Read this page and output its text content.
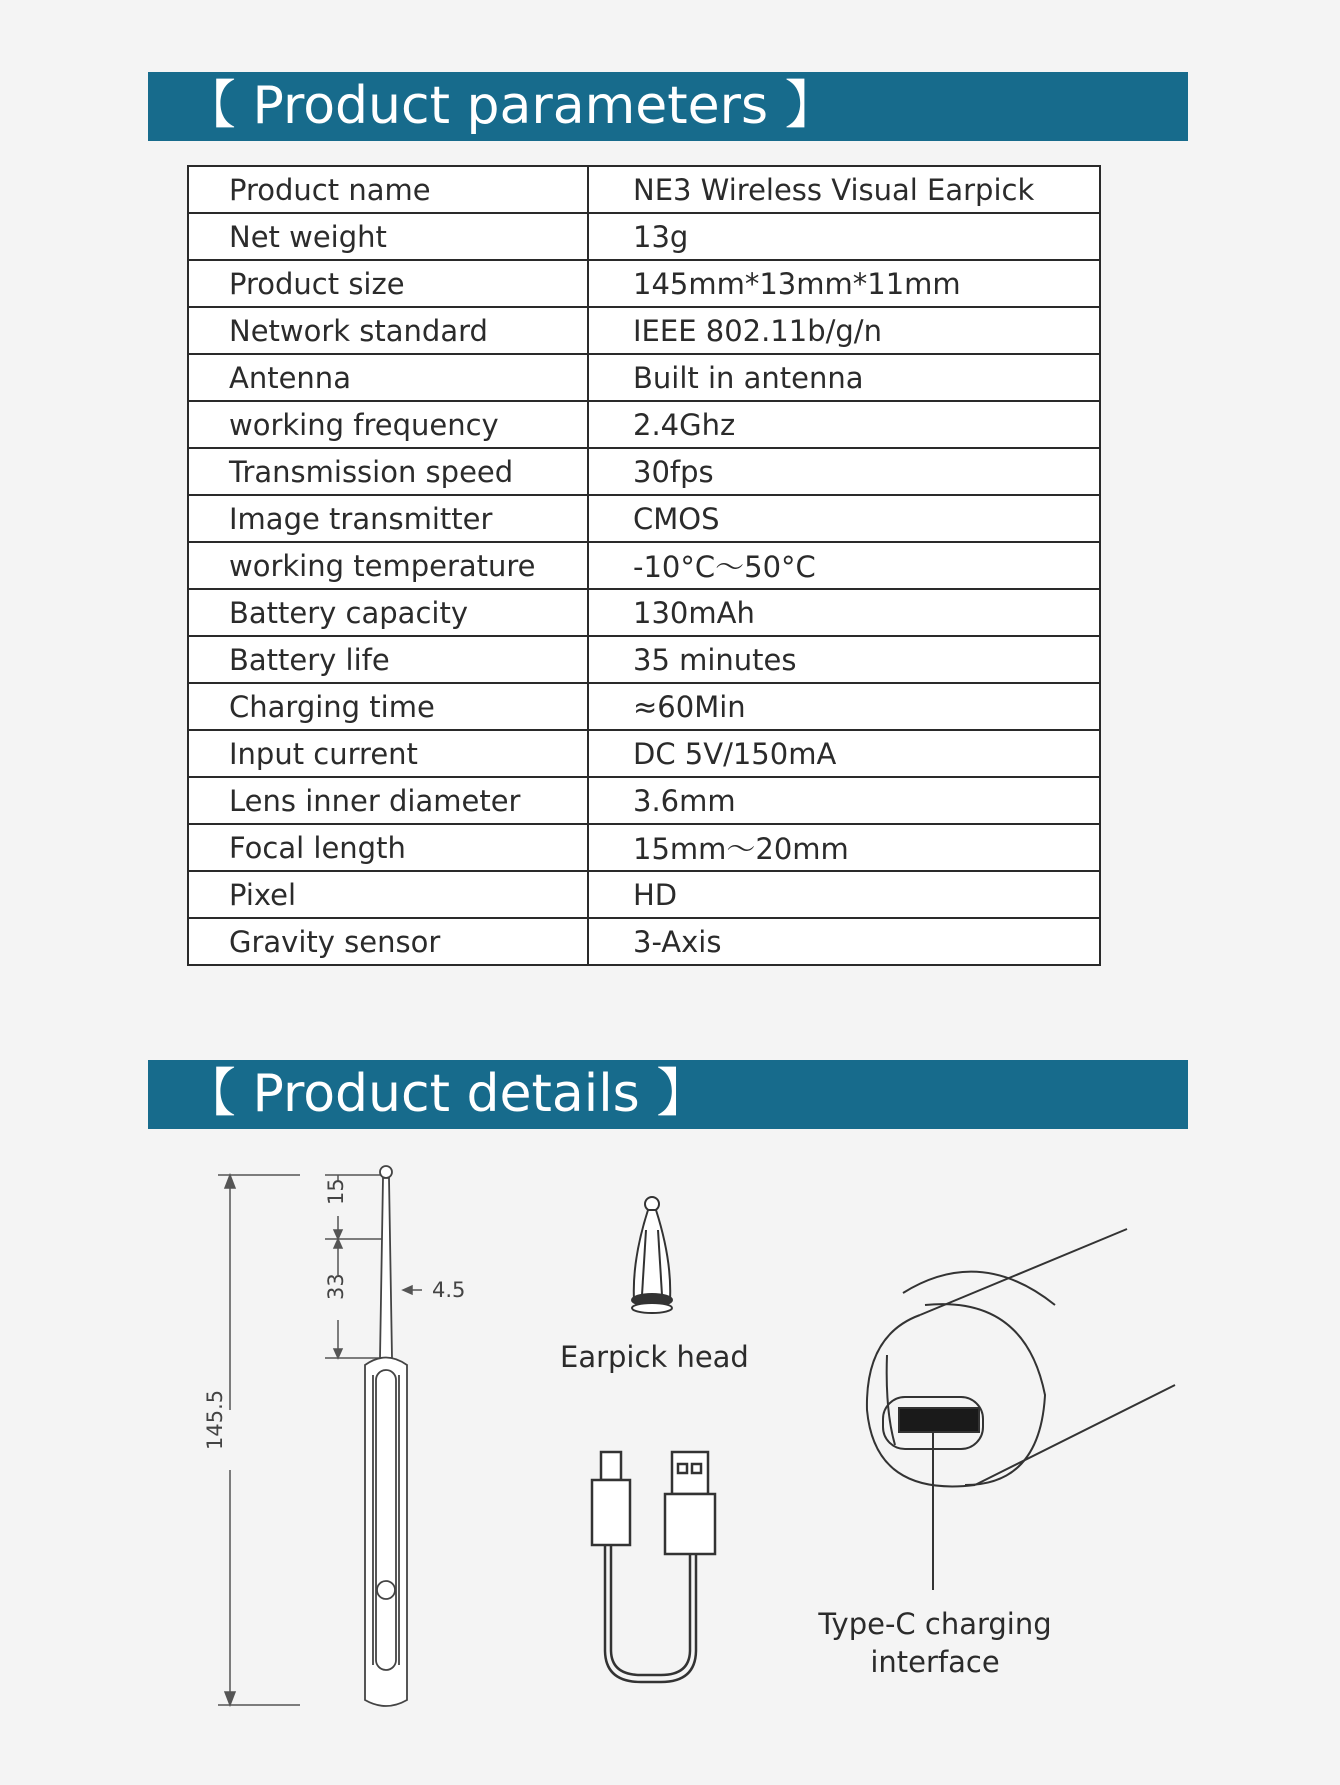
【 Product parameters 】
Product name	NE3 Wireless Visual Earpick
Net weight	13g
Product size	145mm*13mm*11mm
Network standard	IEEE 802.11b/g/n
Antenna	Built in antenna
working frequency	2.4Ghz
Transmission speed	30fps
Image transmitter	CMOS
working temperature	-10°C～50°C
Battery capacity	130mAh
Battery life	35 minutes
Charging time	≈60Min
Input current	DC 5V/150mA
Lens inner diameter	3.6mm
Focal length	15mm～20mm
Pixel	HD
Gravity sensor	3-Axis
【 Product details 】
145.5
15
33	4.5
Earpick head
Type-C charging
interface
